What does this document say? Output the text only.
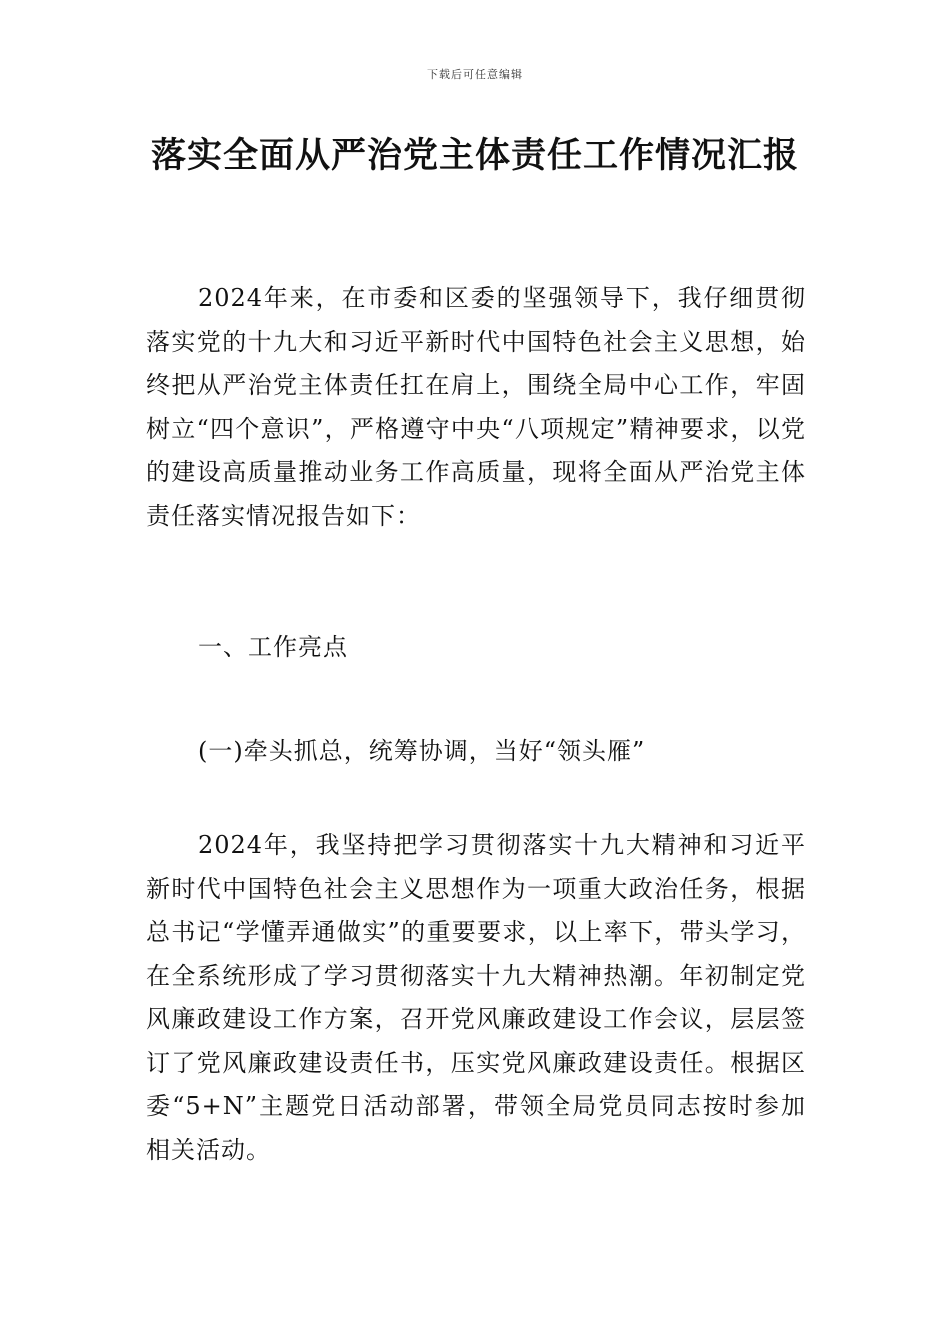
下载后可任意编辑
落实全面从严治党主体责任工作情况汇报

2024年来，在市委和区委的坚强领导下，我仔细贯彻落实党的十九大和习近平新时代中国特色社会主义思想，始终把从严治党主体责任扛在肩上，围绕全局中心工作，牢固树立“四个意识”，严格遵守中央“八项规定”精神要求，以党的建设高质量推动业务工作高质量，现将全面从严治党主体责任落实情况报告如下：

一、工作亮点
(一)牵头抓总，统筹协调，当好“领头雁”

2024年，我坚持把学习贯彻落实十九大精神和习近平新时代中国特色社会主义思想作为一项重大政治任务，根据总书记“学懂弄通做实”的重要要求，以上率下，带头学习，在全系统形成了学习贯彻落实十九大精神热潮。年初制定党风廉政建设工作方案，召开党风廉政建设工作会议，层层签订了党风廉政建设责任书，压实党风廉政建设责任。根据区委“5+N”主题党日活动部署，带领全局党员同志按时参加相关活动。
